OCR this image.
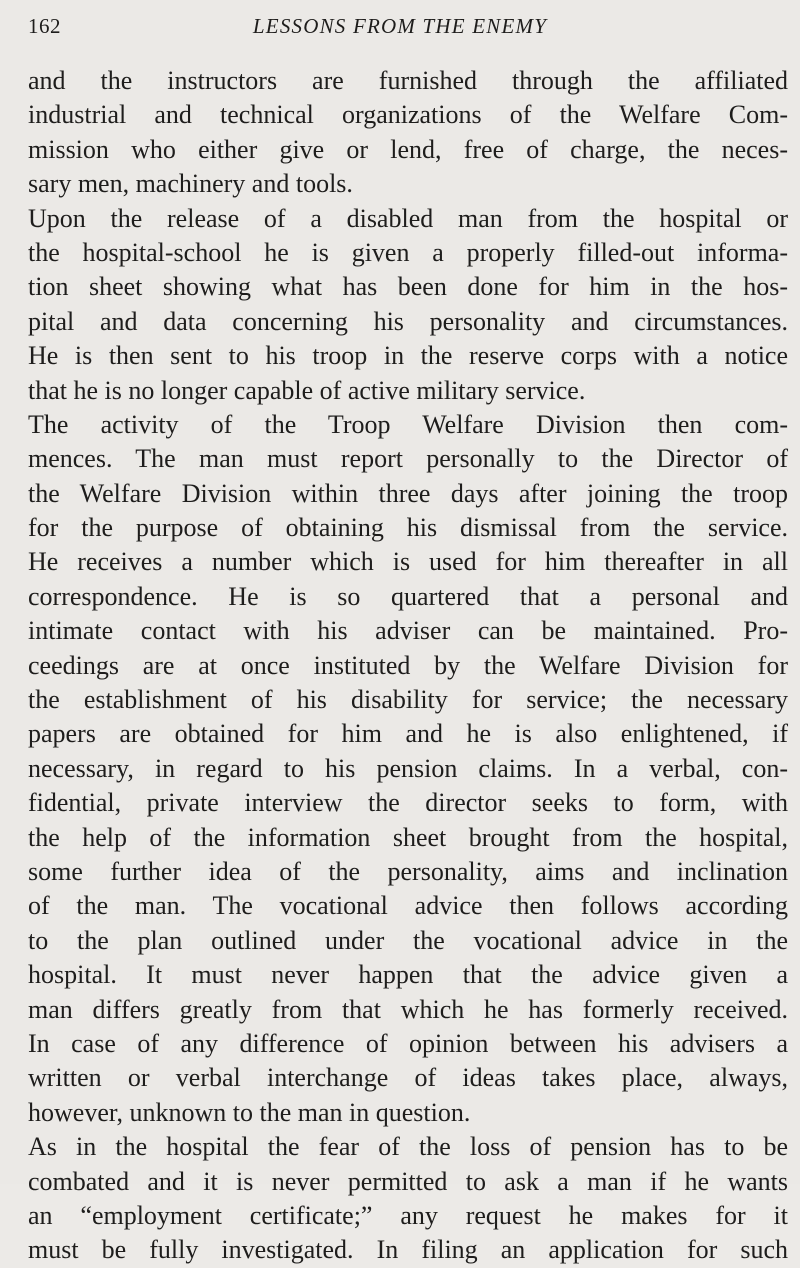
162	LESSONS FROM THE ENEMY
and the instructors are furnished through the affiliated
industrial and technical organizations of the Welfare Com-
mission who either give or lend, free of charge, the neces-
sary men, machinery and tools.
Upon the release of a disabled man from the hospital or
the hospital-school he is given a properly filled-out informa-
tion sheet showing what has been done for him in the hos-
pital and data concerning his personality and circumstances.
He is then sent to his troop in the reserve corps with a notice
that he is no longer capable of active military service.
The activity of the Troop Welfare Division then com-
mences. The man must report personally to the Director of
the Welfare Division within three days after joining the troop
for the purpose of obtaining his dismissal from the service.
He receives a number which is used for him thereafter in all
correspondence. He is so quartered that a personal and
intimate contact with his adviser can be maintained. Pro-
ceedings are at once instituted by the Welfare Division for
the establishment of his disability for service; the necessary
papers are obtained for him and he is also enlightened, if
necessary, in regard to his pension claims. In a verbal, con-
fidential, private interview the director seeks to form, with
the help of the information sheet brought from the hospital,
some further idea of the personality, aims and inclination
of the man. The vocational advice then follows according
to the plan outlined under the vocational advice in the
hospital. It must never happen that the advice given a
man differs greatly from that which he has formerly received.
In case of any difference of opinion between his advisers a
written or verbal interchange of ideas takes place, always,
however, unknown to the man in question.
As in the hospital the fear of the loss of pension has to be
combated and it is never permitted to ask a man if he wants
an “employment certificate;” any request he makes for it
must be fully investigated. In filing an application for such
